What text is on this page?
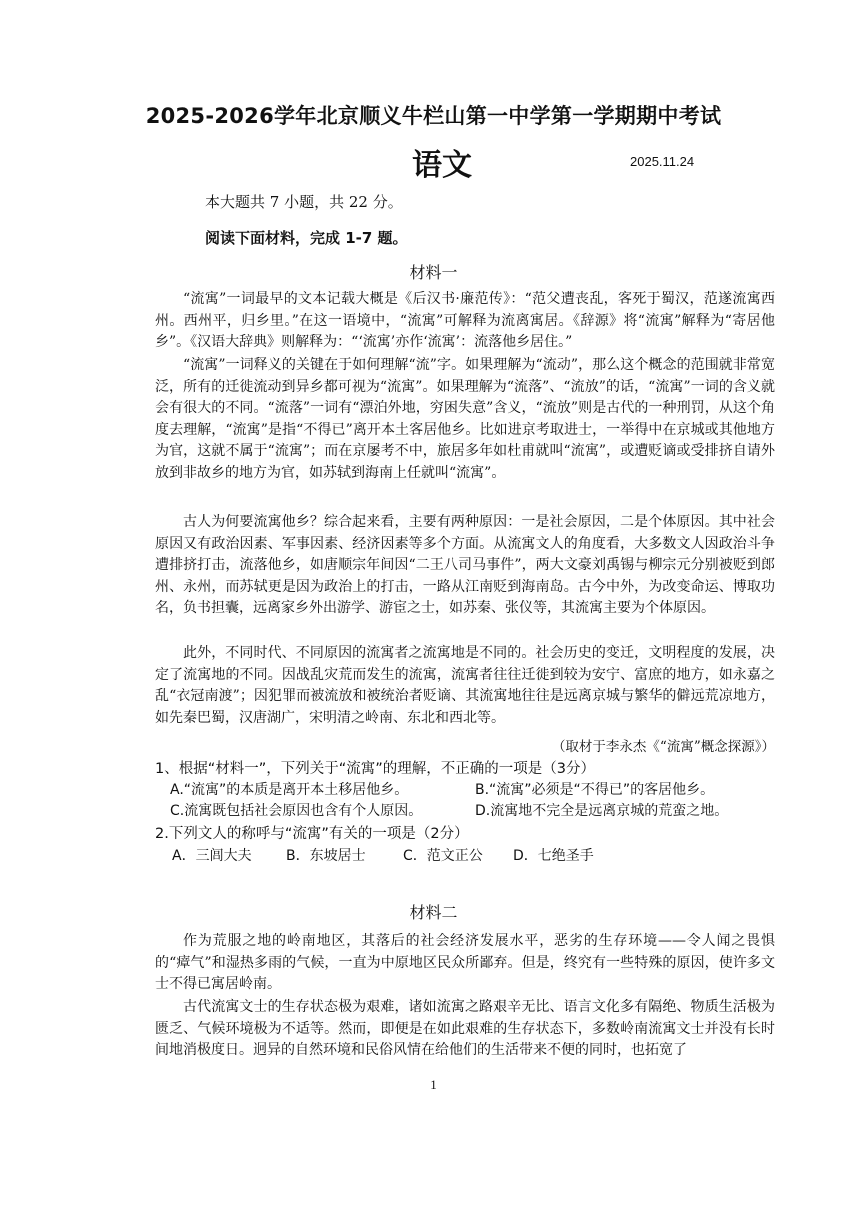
2025-2026学年北京顺义牛栏山第一中学第一学期期中考试
语文	2025.11.24
本大题共 7 小题，共 22 分。
阅读下面材料，完成 1-7 题。
材料一

“流寓”一词最早的文本记载大概是《后汉书·廉范传》：“范父遭丧乱，客死于蜀汉，范遂流寓西州。西州平，归乡里。”在这一语境中，“流寓”可解释为流离寓居。《辞源》将“流寓”解释为“寄居他乡”。《汉语大辞典》则解释为：“‘流寓’亦作‘流寓’：流落他乡居住。”

“流寓”一词释义的关键在于如何理解“流”字。如果理解为“流动”，那么这个概念的范围就非常宽泛，所有的迁徙流动到异乡都可视为“流寓”。如果理解为“流落”、“流放”的话，“流寓”一词的含义就会有很大的不同。“流落”一词有“漂泊外地，穷困失意”含义，“流放”则是古代的一种刑罚，从这个角度去理解，“流寓”是指“不得已”离开本土客居他乡。比如进京考取进士，一举得中在京城或其他地方为官，这就不属于“流寓”；而在京屡考不中，旅居多年如杜甫就叫“流寓”，或遭贬谪或受排挤自请外放到非故乡的地方为官，如苏轼到海南上任就叫“流寓”。

古人为何要流寓他乡？综合起来看，主要有两种原因：一是社会原因，二是个体原因。其中社会原因又有政治因素、军事因素、经济因素等多个方面。从流寓文人的角度看，大多数文人因政治斗争遭排挤打击，流落他乡，如唐顺宗年间因“二王八司马事件”，两大文豪刘禹锡与柳宗元分别被贬到郎州、永州，而苏轼更是因为政治上的打击，一路从江南贬到海南岛。古今中外，为改变命运、博取功名，负书担囊，远离家乡外出游学、游宦之士，如苏秦、张仪等，其流寓主要为个体原因。

此外，不同时代、不同原因的流寓者之流寓地是不同的。社会历史的变迁，文明程度的发展，决定了流寓地的不同。因战乱灾荒而发生的流寓，流寓者往往迁徙到较为安宁、富庶的地方，如永嘉之乱“衣冠南渡”；因犯罪而被流放和被统治者贬谪、其流寓地往往是远离京城与繁华的僻远荒凉地方，如先秦巴蜀，汉唐湖广，宋明清之岭南、东北和西北等。

（取材于李永杰《“流寓”概念探源》）
1、根据“材料一”，下列关于“流寓”的理解，不正确的一项是（3分）
A.“流寓”的本质是离开本土移居他乡。	B.“流寓”必须是“不得已”的客居他乡。
C.流寓既包括社会原因也含有个人原因。	D.流寓地不完全是远离京城的荒蛮之地。
2.下列文人的称呼与“流寓”有关的一项是（2分）
A．三闾大夫 B．东坡居士	C．范文正公 D．七绝圣手
材料二

作为荒服之地的岭南地区，其落后的社会经济发展水平，恶劣的生存环境——令人闻之畏惧的“瘴气”和湿热多雨的气候，一直为中原地区民众所鄙弃。但是，终究有一些特殊的原因，使许多文士不得已寓居岭南。

古代流寓文士的生存状态极为艰难，诸如流寓之路艰辛无比、语言文化多有隔绝、物质生活极为匮乏、气候环境极为不适等。然而，即便是在如此艰难的生存状态下，多数岭南流寓文士并没有长时间地消极度日。迥异的自然环境和民俗风情在给他们的生活带来不便的同时，也拓宽了

1
